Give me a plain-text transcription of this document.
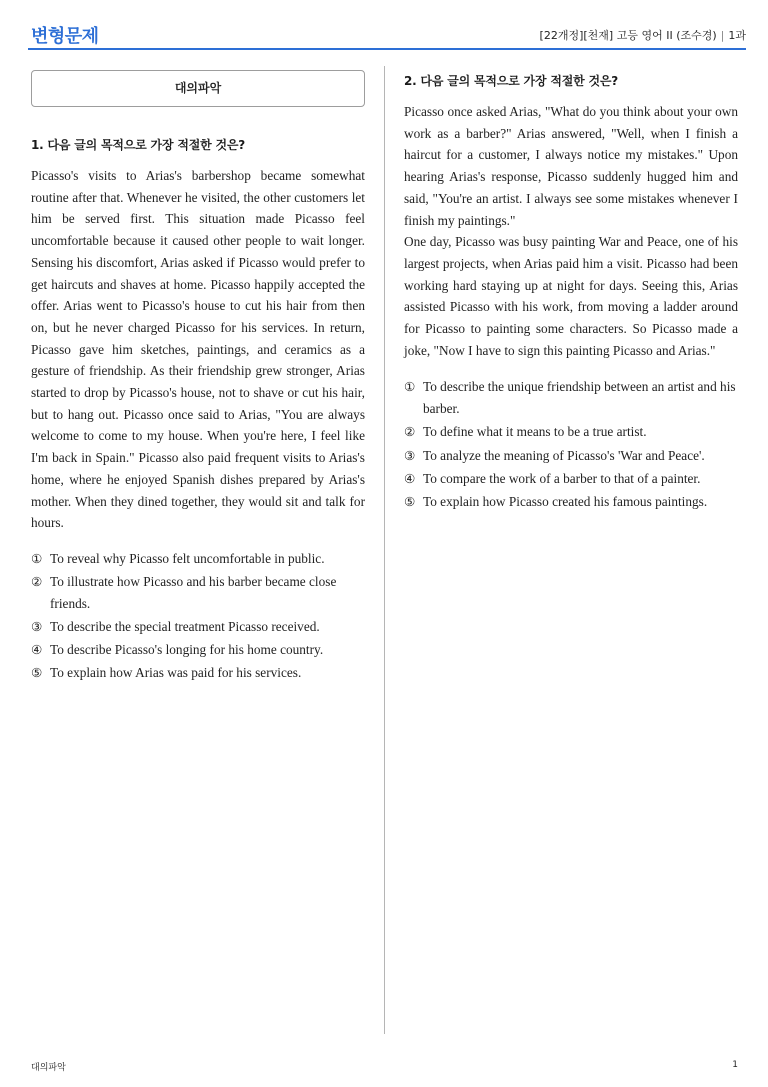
변형문제	[22개정][천재] 고등 영어 II (조수경) | 1과
대의파악
1. 다음 글의 목적으로 가장 적절한 것은?

Picasso's visits to Arias's barbershop became somewhat routine after that. Whenever he visited, the other customers let him be served first. This situation made Picasso feel uncomfortable because it caused other people to wait longer. Sensing his discomfort, Arias asked if Picasso would prefer to get haircuts and shaves at home. Picasso happily accepted the offer. Arias went to Picasso's house to cut his hair from then on, but he never charged Picasso for his services. In return, Picasso gave him sketches, paintings, and ceramics as a gesture of friendship. As their friendship grew stronger, Arias started to drop by Picasso's house, not to shave or cut his hair, but to hang out. Picasso once said to Arias, "You are always welcome to come to my house. When you're here, I feel like I'm back in Spain." Picasso also paid frequent visits to Arias's home, where he enjoyed Spanish dishes prepared by Arias's mother. When they dined together, they would sit and talk for hours.

① To reveal why Picasso felt uncomfortable in public.
② To illustrate how Picasso and his barber became close friends.
③ To describe the special treatment Picasso received.
④ To describe Picasso's longing for his home country.
⑤ To explain how Arias was paid for his services.
2. 다음 글의 목적으로 가장 적절한 것은?

Picasso once asked Arias, "What do you think about your own work as a barber?" Arias answered, "Well, when I finish a haircut for a customer, I always notice my mistakes." Upon hearing Arias's response, Picasso suddenly hugged him and said, "You're an artist. I always see some mistakes whenever I finish my paintings."

One day, Picasso was busy painting War and Peace, one of his largest projects, when Arias paid him a visit. Picasso had been working hard staying up at night for days. Seeing this, Arias assisted Picasso with his work, from moving a ladder around for Picasso to painting some characters. So Picasso made a joke, "Now I have to sign this painting Picasso and Arias."

① To describe the unique friendship between an artist and his barber.
② To define what it means to be a true artist.
③ To analyze the meaning of Picasso's 'War and Peace'.
④ To compare the work of a barber to that of a painter.
⑤ To explain how Picasso created his famous paintings.
대의파악	1
